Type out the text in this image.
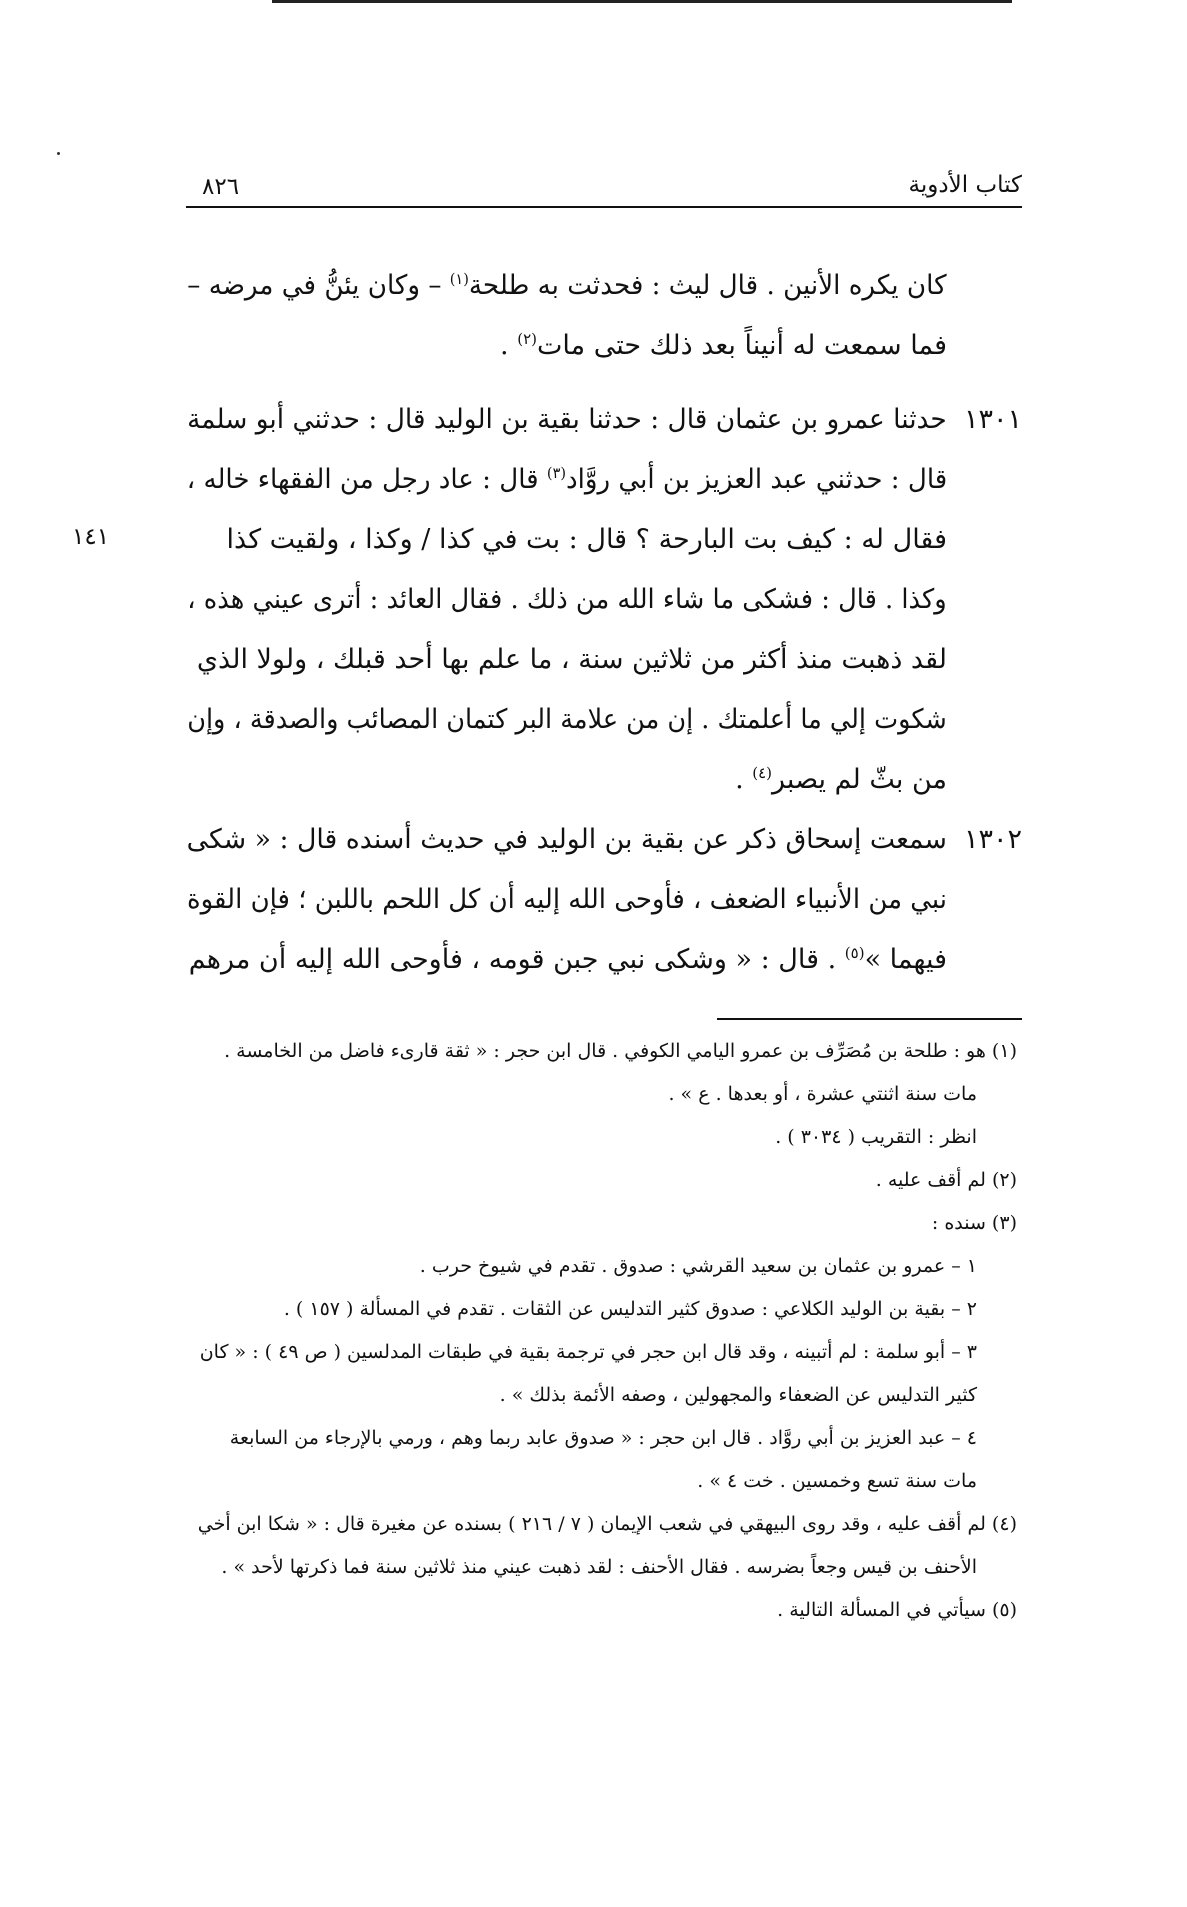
كتاب الأدوية
٨٢٦
١٤١
كان يكره الأنين . قال ليث : فحدثت به طلحة$^{(١)}$ – وكان يئنُّ في مرضه –
فما سمعت له أنيناً بعد ذلك حتى مات$^{(٢)}$ .
١٣٠١
حدثنا عمرو بن عثمان قال : حدثنا بقية بن الوليد قال : حدثني أبو سلمة
قال : حدثني عبد العزيز بن أبي روَّاد$^{(٣)}$ قال : عاد رجل من الفقهاء خاله ،
فقال له : كيف بت البارحة ؟ قال : بت في كذا / وكذا ، ولقيت كذا
وكذا . قال : فشكى ما شاء الله من ذلك . فقال العائد : أترى عيني هذه ،
لقد ذهبت منذ أكثر من ثلاثين سنة ، ما علم بها أحد قبلك ، ولولا الذي
شكوت إلي ما أعلمتك . إن من علامة البر كتمان المصائب والصدقة ، وإن
من بثّ لم يصبر$^{(٤)}$ .
١٣٠٢
سمعت إسحاق ذكر عن بقية بن الوليد في حديث أسنده قال : « شكى
نبي من الأنبياء الضعف ، فأوحى الله إليه أن كل اللحم باللبن ؛ فإن القوة
فيهما »$^{(٥)}$ . قال : « وشكى نبي جبن قومه ، فأوحى الله إليه أن مرهم
(١) هو : طلحة بن مُصَرِّف بن عمرو اليامي الكوفي . قال ابن حجر : « ثقة قارىء فاضل من الخامسة .
مات سنة اثنتي عشرة ، أو بعدها . ع » .
انظر : التقريب ( ٣٠٣٤ ) .
(٢) لم أقف عليه .
(٣) سنده :
١ – عمرو بن عثمان بن سعيد القرشي : صدوق . تقدم في شيوخ حرب .
٢ – بقية بن الوليد الكلاعي : صدوق كثير التدليس عن الثقات . تقدم في المسألة ( ١٥٧ ) .
٣ – أبو سلمة : لم أتبينه ، وقد قال ابن حجر في ترجمة بقية في طبقات المدلسين ( ص ٤٩ ) : « كان
كثير التدليس عن الضعفاء والمجهولين ، وصفه الأئمة بذلك » .
٤ – عبد العزيز بن أبي روَّاد . قال ابن حجر : « صدوق عابد ربما وهم ، ورمي بالإرجاء من السابعة
مات سنة تسع وخمسين . خت ٤ » .
(٤) لم أقف عليه ، وقد روى البيهقي في شعب الإيمان ( ٧ / ٢١٦ ) بسنده عن مغيرة قال : « شكا ابن أخي
الأحنف بن قيس وجعاً بضرسه . فقال الأحنف : لقد ذهبت عيني منذ ثلاثين سنة فما ذكرتها لأحد » .
(٥) سيأتي في المسألة التالية .
